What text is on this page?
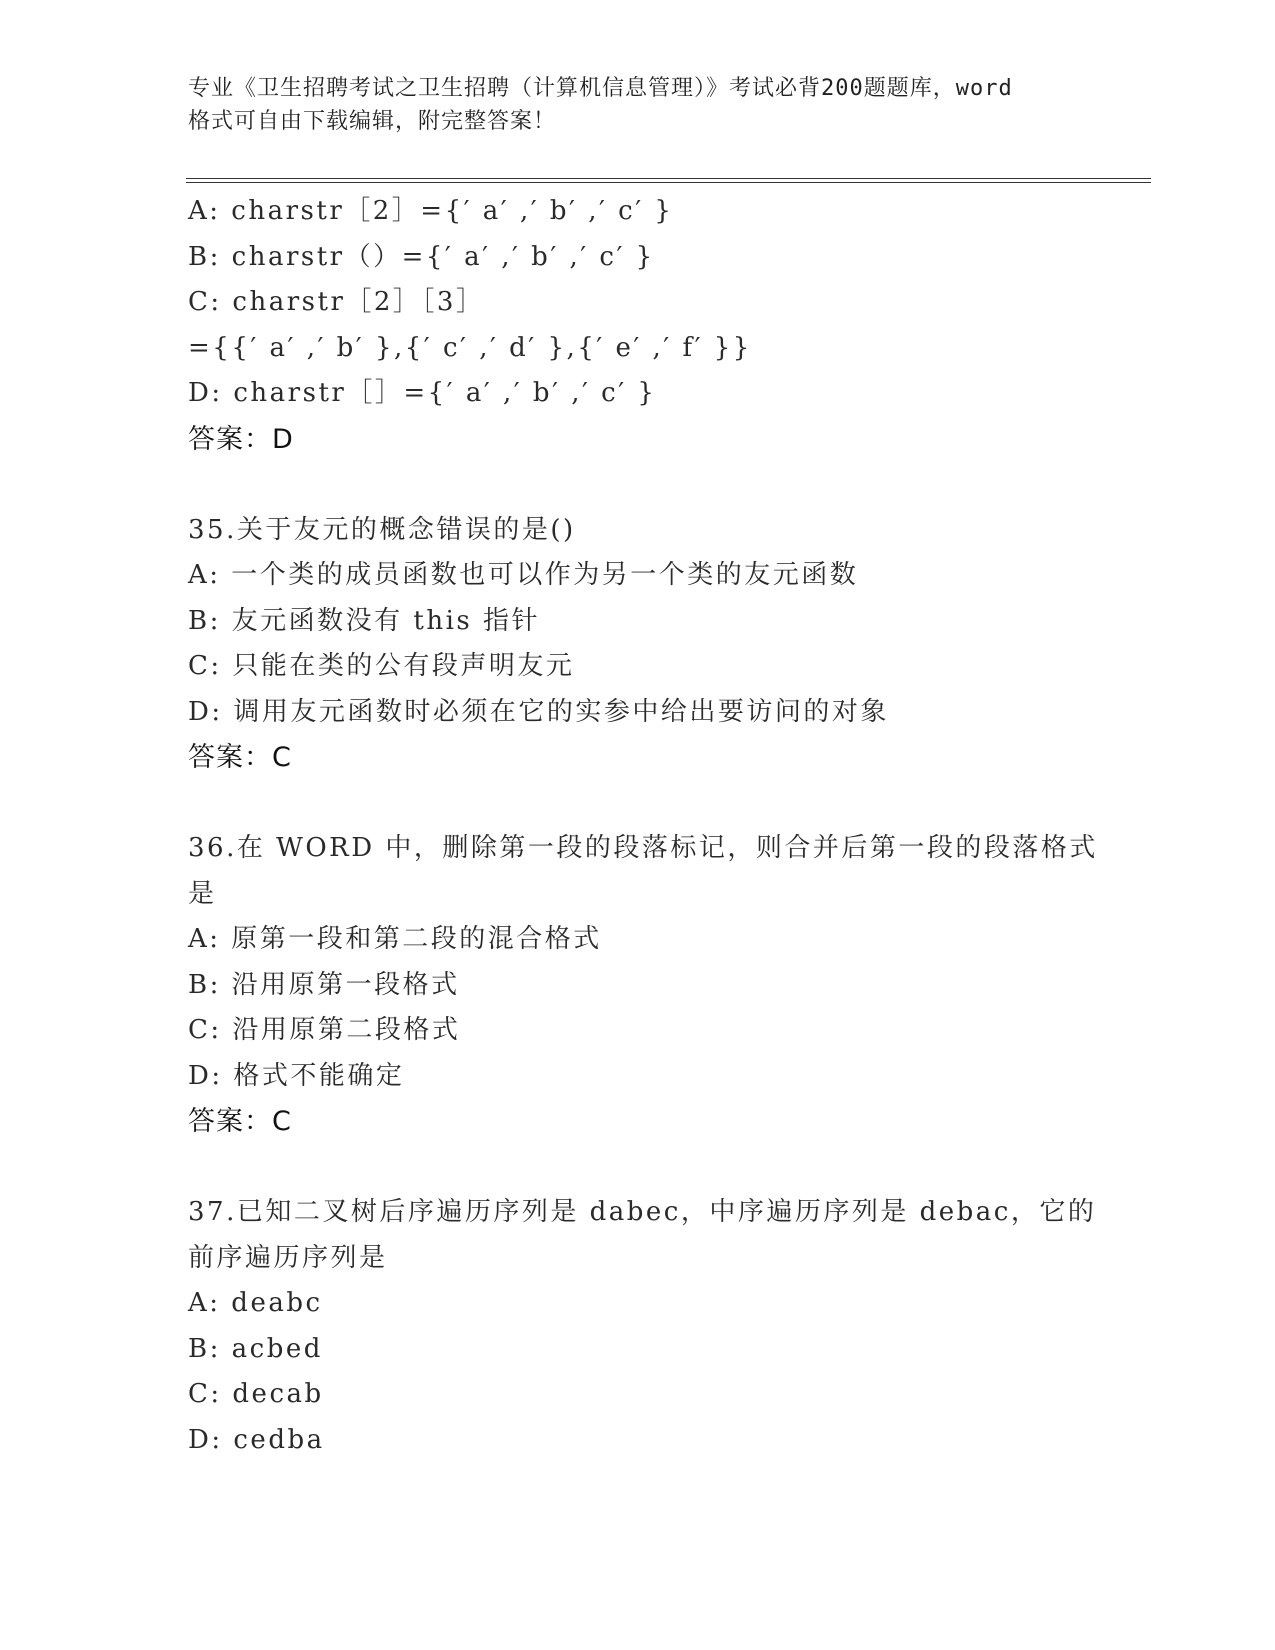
专业《卫生招聘考试之卫生招聘（计算机信息管理）》考试必背200题题库，word
格式可自由下载编辑，附完整答案！
A: charstr［2］={′ a′ ,′ b′ ,′ c′ }
B: charstr（）={′ a′ ,′ b′ ,′ c′ }
C: charstr［2］［3］
={{′ a′ ,′ b′ },{′ c′ ,′ d′ },{′ e′ ,′ f′ }}
D: charstr［］={′ a′ ,′ b′ ,′ c′ }
答案：D
35.关于友元的概念错误的是()
A: 一个类的成员函数也可以作为另一个类的友元函数
B: 友元函数没有 this 指针
C: 只能在类的公有段声明友元
D: 调用友元函数时必须在它的实参中给出要访问的对象
答案：C
36.在 WORD 中，删除第一段的段落标记，则合并后第一段的段落格式
是
A: 原第一段和第二段的混合格式
B: 沿用原第一段格式
C: 沿用原第二段格式
D: 格式不能确定
答案：C
37.已知二叉树后序遍历序列是 dabec，中序遍历序列是 debac，它的
前序遍历序列是
A: deabc
B: acbed
C: decab
D: cedba
